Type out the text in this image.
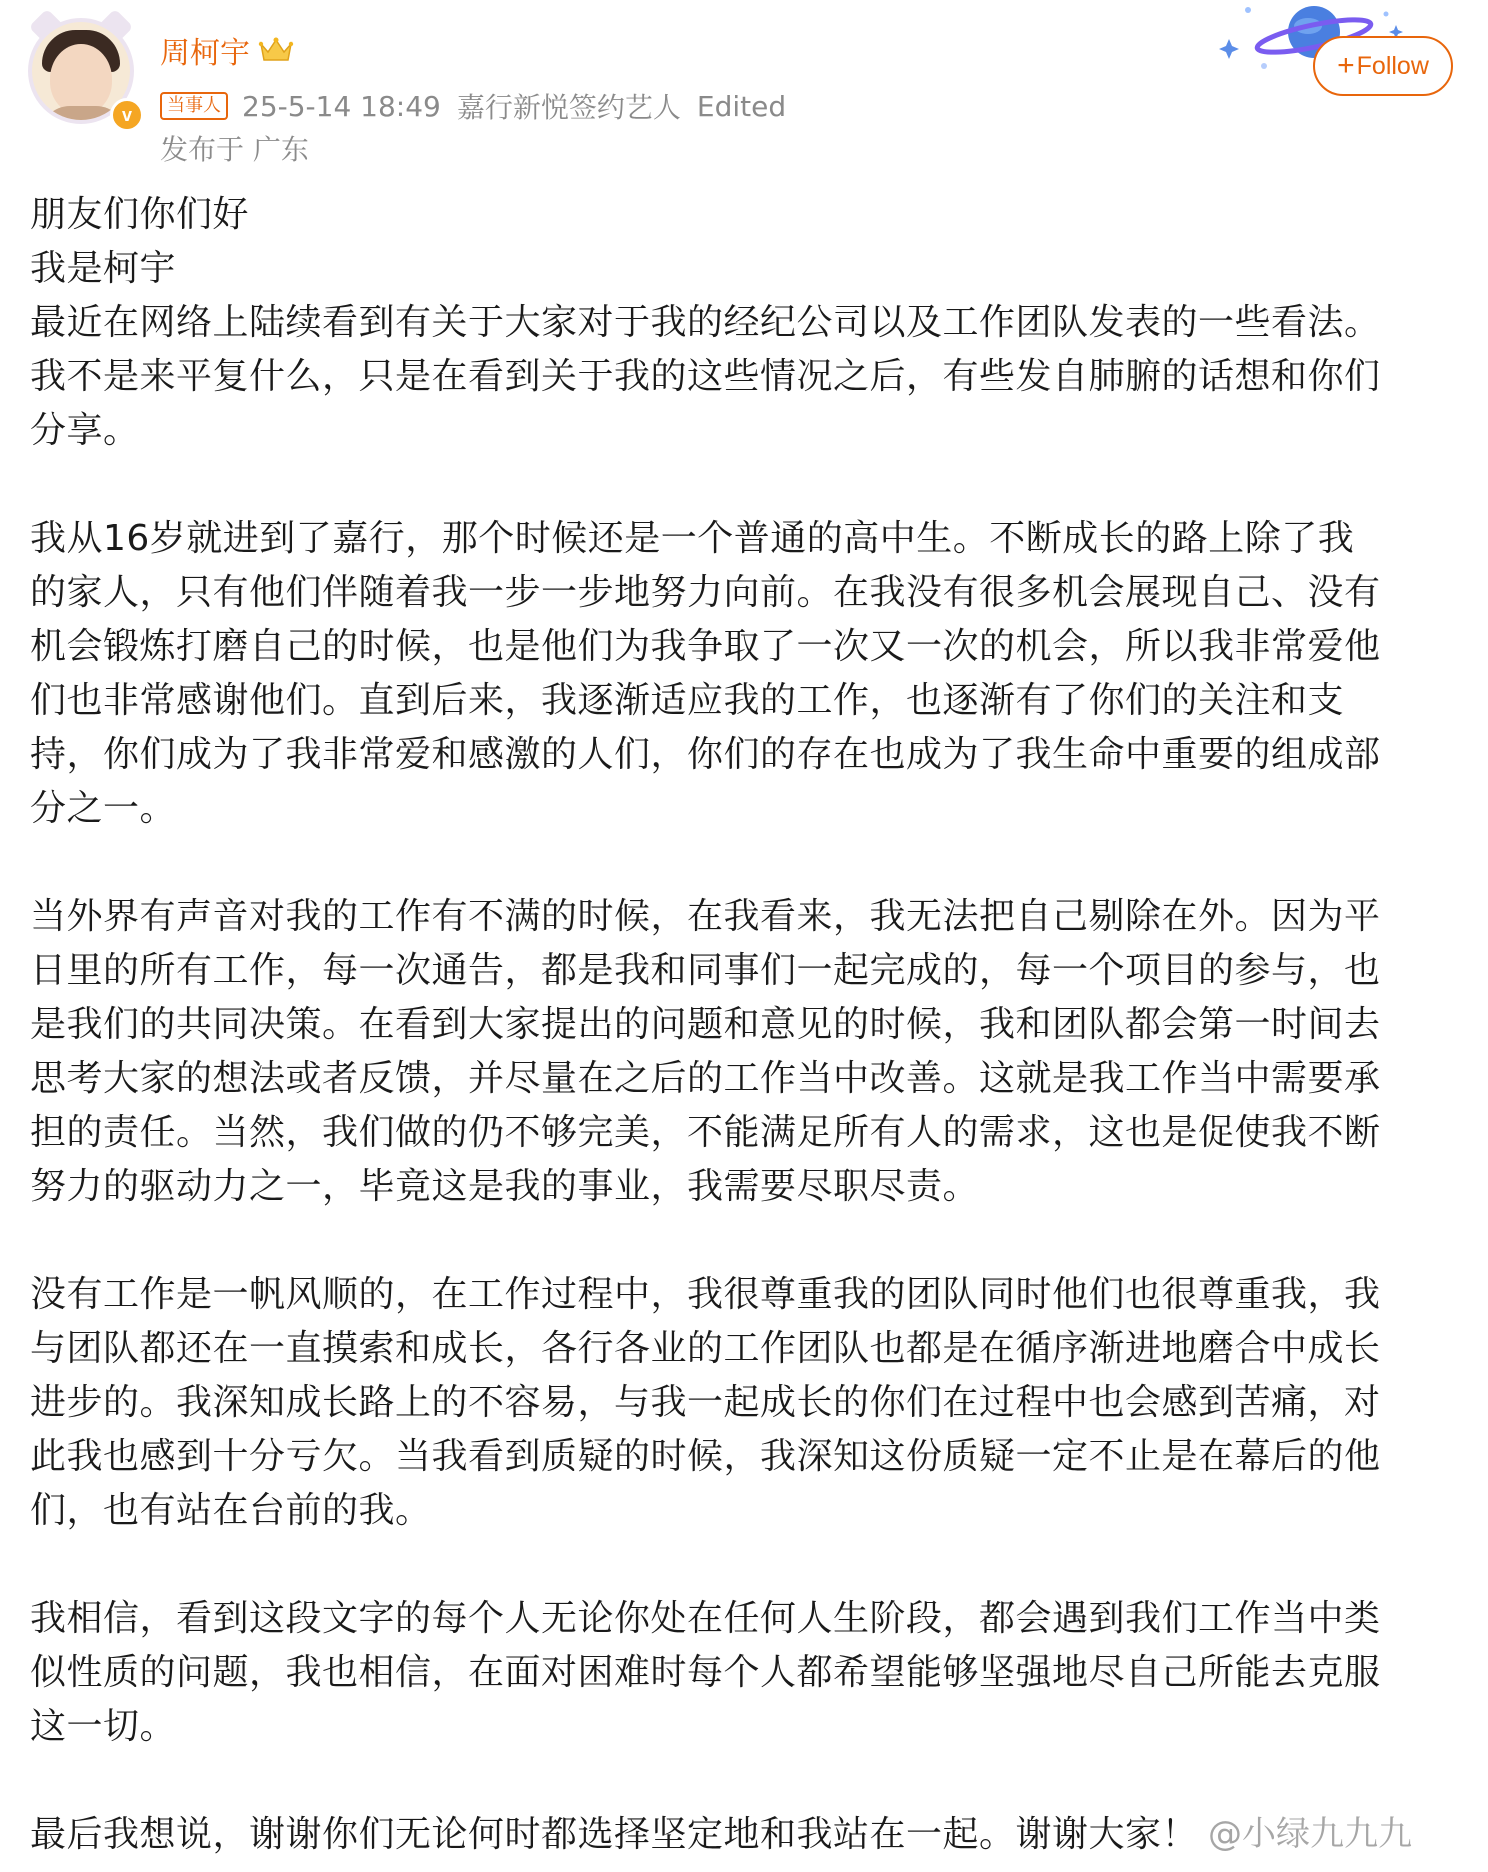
v
周柯宇
当事人 25-5-14 18:49 嘉行新悦签约艺人 Edited
发布于 广东
+ Follow
朋友们你们好
我是柯宇
最近在网络上陆续看到有关于大家对于我的经纪公司以及工作团队发表的一些看法。
我不是来平复什么，只是在看到关于我的这些情况之后，有些发自肺腑的话想和你们
分享。
我从16岁就进到了嘉行，那个时候还是一个普通的高中生。不断成长的路上除了我
的家人，只有他们伴随着我一步一步地努力向前。在我没有很多机会展现自己、没有
机会锻炼打磨自己的时候，也是他们为我争取了一次又一次的机会，所以我非常爱他
们也非常感谢他们。直到后来，我逐渐适应我的工作，也逐渐有了你们的关注和支
持，你们成为了我非常爱和感激的人们，你们的存在也成为了我生命中重要的组成部
分之一。
当外界有声音对我的工作有不满的时候，在我看来，我无法把自己剔除在外。因为平
日里的所有工作，每一次通告，都是我和同事们一起完成的，每一个项目的参与，也
是我们的共同决策。在看到大家提出的问题和意见的时候，我和团队都会第一时间去
思考大家的想法或者反馈，并尽量在之后的工作当中改善。这就是我工作当中需要承
担的责任。当然，我们做的仍不够完美，不能满足所有人的需求，这也是促使我不断
努力的驱动力之一，毕竟这是我的事业，我需要尽职尽责。
没有工作是一帆风顺的，在工作过程中，我很尊重我的团队同时他们也很尊重我，我
与团队都还在一直摸索和成长，各行各业的工作团队也都是在循序渐进地磨合中成长
进步的。我深知成长路上的不容易，与我一起成长的你们在过程中也会感到苦痛，对
此我也感到十分亏欠。当我看到质疑的时候，我深知这份质疑一定不止是在幕后的他
们，也有站在台前的我。
我相信，看到这段文字的每个人无论你处在任何人生阶段，都会遇到我们工作当中类
似性质的问题，我也相信，在面对困难时每个人都希望能够坚强地尽自己所能去克服
这一切。
最后我想说，谢谢你们无论何时都选择坚定地和我站在一起。谢谢大家！ @小绿九九九
